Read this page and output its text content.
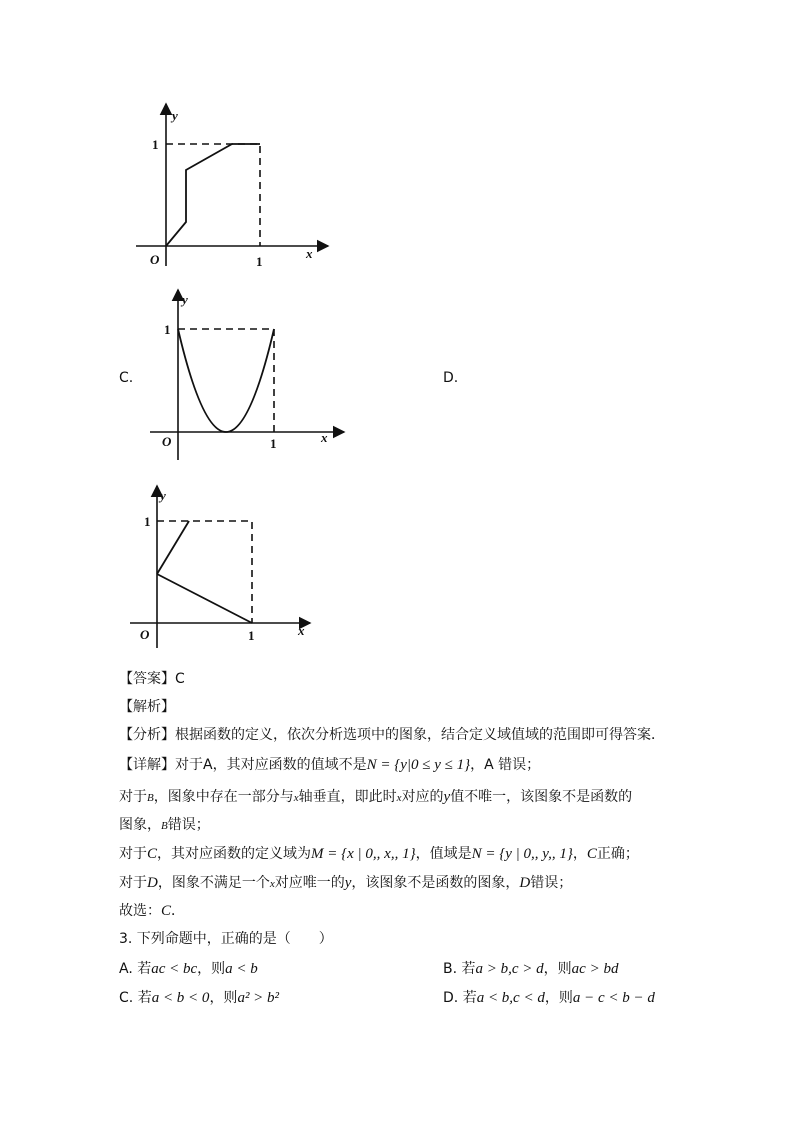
y
1
O	1
x
C.	D.
y
1
O	1	x
y
1
O	1	x
【答案】C
【解析】
【分析】根据函数的定义，依次分析选项中的图象，结合定义域值域的范围即可得答案．
【详解】对于A，其对应函数的值域不是N = {y|0 ≤ y ≤ 1}，A 错误；
对于B，图象中存在一部分与x轴垂直，即此时x对应的y值不唯一，该图象不是函数的
图象，B错误；
对于C，其对应函数的定义域为M = {x | 0,, x,, 1}，值域是N = {y | 0,, y,, 1}，C正确；
对于D，图象不满足一个x对应唯一的y，该图象不是函数的图象，D错误；
故选：C．
3. 下列命题中，正确的是（　　）
A. 若ac < bc，则a < b	B. 若a > b,c > d，则ac > bd
C. 若a < b < 0，则a² > b²	D. 若a < b,c < d，则a − c < b − d
